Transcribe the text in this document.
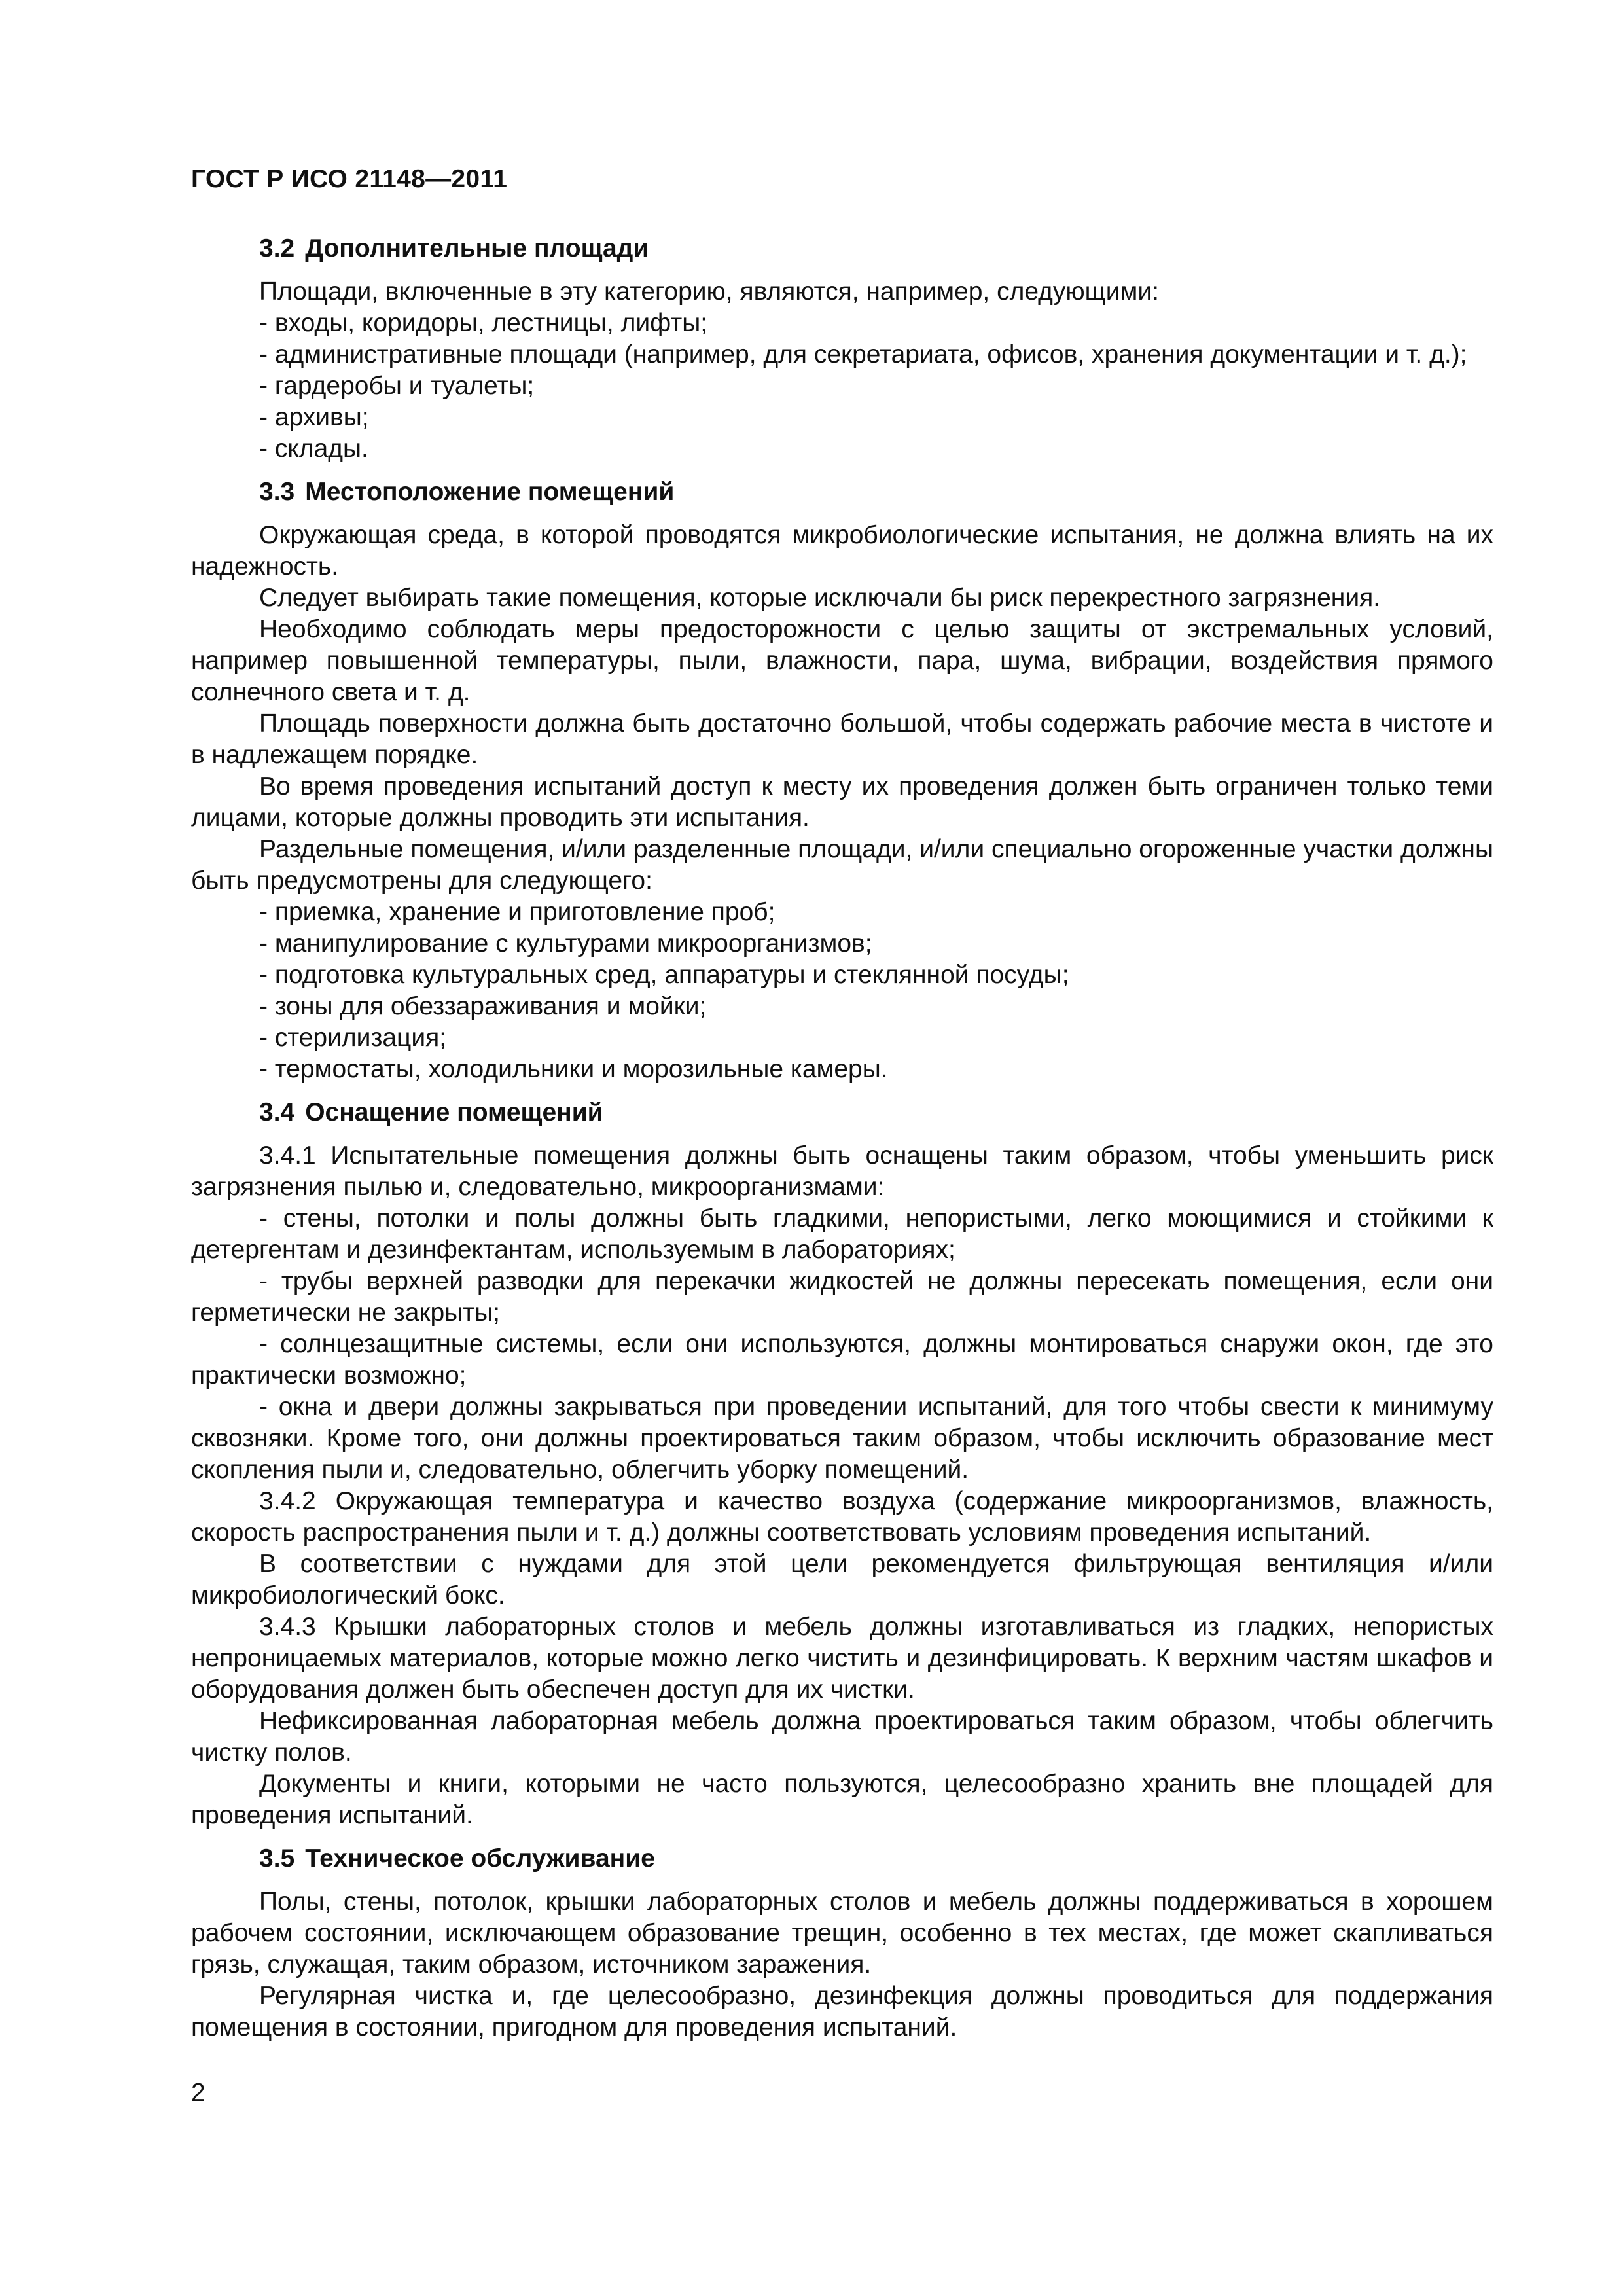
ГОСТ Р ИСО 21148—2011
3.2 Дополнительные площади

Площади, включенные в эту категорию, являются, например, следующими:

- входы, коридоры, лестницы, лифты;

- административные площади (например, для секретариата, офисов, хранения документации и т. д.);

- гардеробы и туалеты;

- архивы;

- склады.

3.3 Местоположение помещений

Окружающая среда, в которой проводятся микробиологические испытания, не должна влиять на их надежность.

Следует выбирать такие помещения, которые исключали бы риск перекрестного загрязнения.

Необходимо соблюдать меры предосторожности с целью защиты от экстремальных условий, например повышенной температуры, пыли, влажности, пара, шума, вибрации, воздействия прямого солнечного света и т. д.

Площадь поверхности должна быть достаточно большой, чтобы содержать рабочие места в чистоте и в надлежащем порядке.

Во время проведения испытаний доступ к месту их проведения должен быть ограничен только теми лицами, которые должны проводить эти испытания.

Раздельные помещения, и/или разделенные площади, и/или специально огороженные участки должны быть предусмотрены для следующего:

- приемка, хранение и приготовление проб;

- манипулирование с культурами микроорганизмов;

- подготовка культуральных сред, аппаратуры и стеклянной посуды;

- зоны для обеззараживания и мойки;

- стерилизация;

- термостаты, холодильники и морозильные камеры.

3.4 Оснащение помещений

3.4.1 Испытательные помещения должны быть оснащены таким образом, чтобы уменьшить риск загрязнения пылью и, следовательно, микроорганизмами:

- стены, потолки и полы должны быть гладкими, непористыми, легко моющимися и стойкими к детергентам и дезинфектантам, используемым в лабораториях;

- трубы верхней разводки для перекачки жидкостей не должны пересекать помещения, если они герметически не закрыты;

- солнцезащитные системы, если они используются, должны монтироваться снаружи окон, где это практически возможно;

- окна и двери должны закрываться при проведении испытаний, для того чтобы свести к минимуму сквозняки. Кроме того, они должны проектироваться таким образом, чтобы исключить образование мест скопления пыли и, следовательно, облегчить уборку помещений.

3.4.2 Окружающая температура и качество воздуха (содержание микроорганизмов, влажность, скорость распространения пыли и т. д.) должны соответствовать условиям проведения испытаний.

В соответствии с нуждами для этой цели рекомендуется фильтрующая вентиляция и/или микробиологический бокс.

3.4.3 Крышки лабораторных столов и мебель должны изготавливаться из гладких, непористых непроницаемых материалов, которые можно легко чистить и дезинфицировать. К верхним частям шкафов и оборудования должен быть обеспечен доступ для их чистки.

Нефиксированная лабораторная мебель должна проектироваться таким образом, чтобы облегчить чистку полов.

Документы и книги, которыми не часто пользуются, целесообразно хранить вне площадей для проведения испытаний.

3.5 Техническое обслуживание

Полы, стены, потолок, крышки лабораторных столов и мебель должны поддерживаться в хорошем рабочем состоянии, исключающем образование трещин, особенно в тех местах, где может скапливаться грязь, служащая, таким образом, источником заражения.

Регулярная чистка и, где целесообразно, дезинфекция должны проводиться для поддержания помещения в состоянии, пригодном для проведения испытаний.

2
